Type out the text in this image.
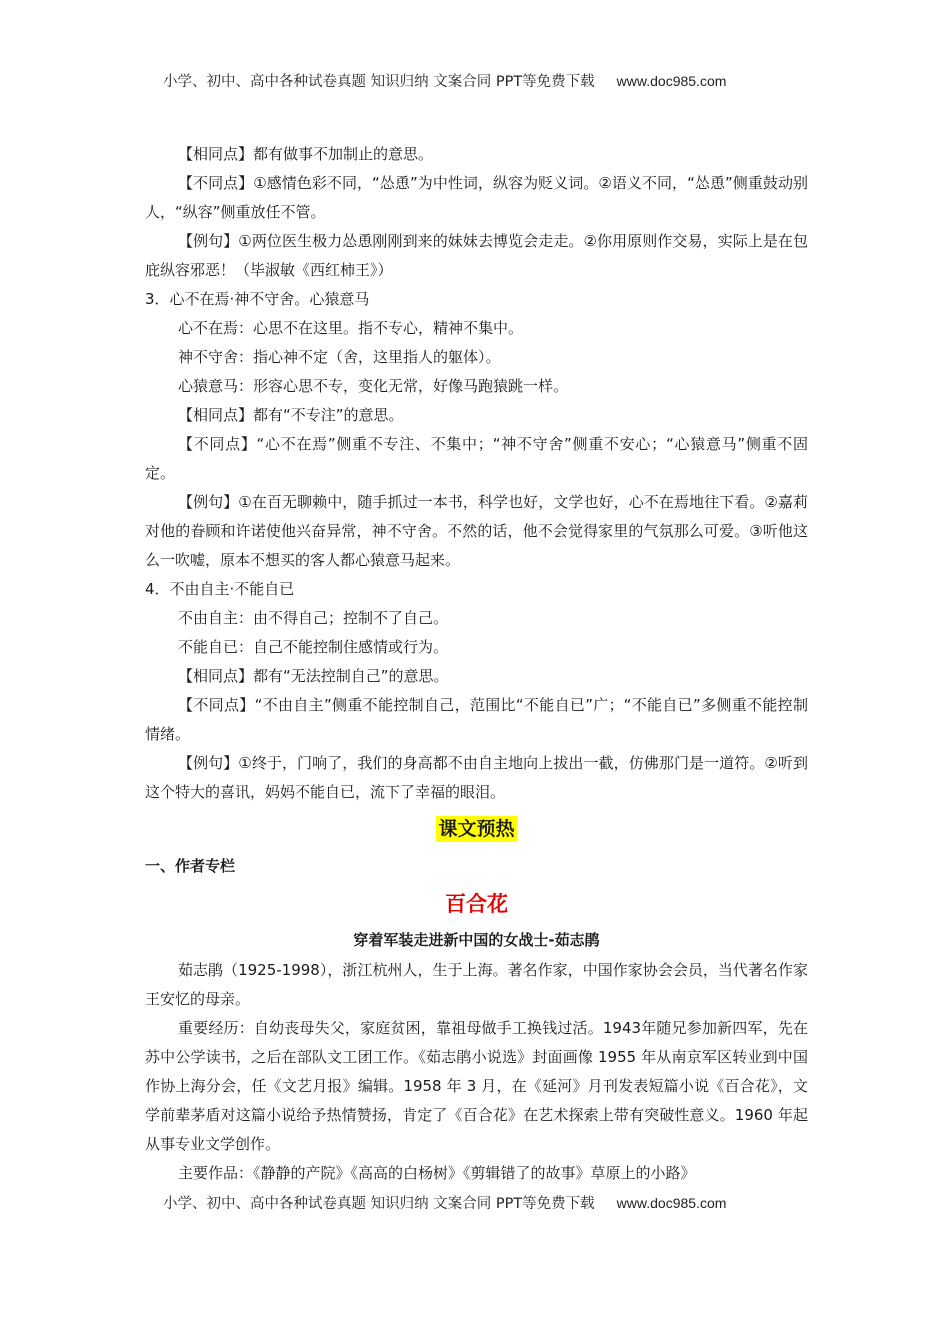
小学、初中、高中各种试卷真题 知识归纳 文案合同 PPT等免费下载 www.doc985.com

【相同点】都有做事不加制止的意思。

【不同点】①感情色彩不同，“怂恿”为中性词，纵容为贬义词。②语义不同，“怂恿”侧重鼓动别人，“纵容”侧重放任不管。

【例句】①两位医生极力怂恿刚刚到来的妹妹去博览会走走。②你用原则作交易，实际上是在包庇纵容邪恶！（毕淑敏《西红柿王》）

3．心不在焉·神不守舍。心猿意马

心不在焉：心思不在这里。指不专心，精神不集中。

神不守舍：指心神不定（舍，这里指人的躯体）。

心猿意马：形容心思不专，变化无常，好像马跑猿跳一样。

【相同点】都有“不专注”的意思。

【不同点】“心不在焉”侧重不专注、不集中；“神不守舍”侧重不安心；“心猿意马”侧重不固定。

【例句】①在百无聊赖中，随手抓过一本书，科学也好，文学也好，心不在焉地往下看。②嘉莉对他的眷顾和许诺使他兴奋异常，神不守舍。不然的话，他不会觉得家里的气氛那么可爱。③听他这么一吹嘘，原本不想买的客人都心猿意马起来。

4．不由自主·不能自已

不由自主：由不得自己；控制不了自己。

不能自已：自己不能控制住感情或行为。

【相同点】都有“无法控制自己”的意思。

【不同点】“不由自主”侧重不能控制自己，范围比“不能自已”广；“不能自已”多侧重不能控制情绪。

【例句】①终于，门响了，我们的身高都不由自主地向上拔出一截，仿佛那门是一道符。②听到这个特大的喜讯，妈妈不能自已，流下了幸福的眼泪。

课文预热

一、作者专栏

百合花

穿着军装走进新中国的女战士-茹志鹃

茹志鹃（1925-1998），浙江杭州人，生于上海。著名作家，中国作家协会会员，当代著名作家王安忆的母亲。

重要经历：自幼丧母失父，家庭贫困，靠祖母做手工换钱过活。1943年随兄参加新四军，先在苏中公学读书，之后在部队文工团工作。《茹志鹃小说选》封面画像 1955 年从南京军区转业到中国作协上海分会，任《文艺月报》编辑。1958 年 3 月，在《延河》月刊发表短篇小说《百合花》，文学前辈茅盾对这篇小说给予热情赞扬，肯定了《百合花》在艺术探索上带有突破性意义。1960 年起从事专业文学创作。

主要作品：《静静的产院》《高高的白杨树》《剪辑错了的故事》草原上的小路》

小学、初中、高中各种试卷真题 知识归纳 文案合同 PPT等免费下载 www.doc985.com
